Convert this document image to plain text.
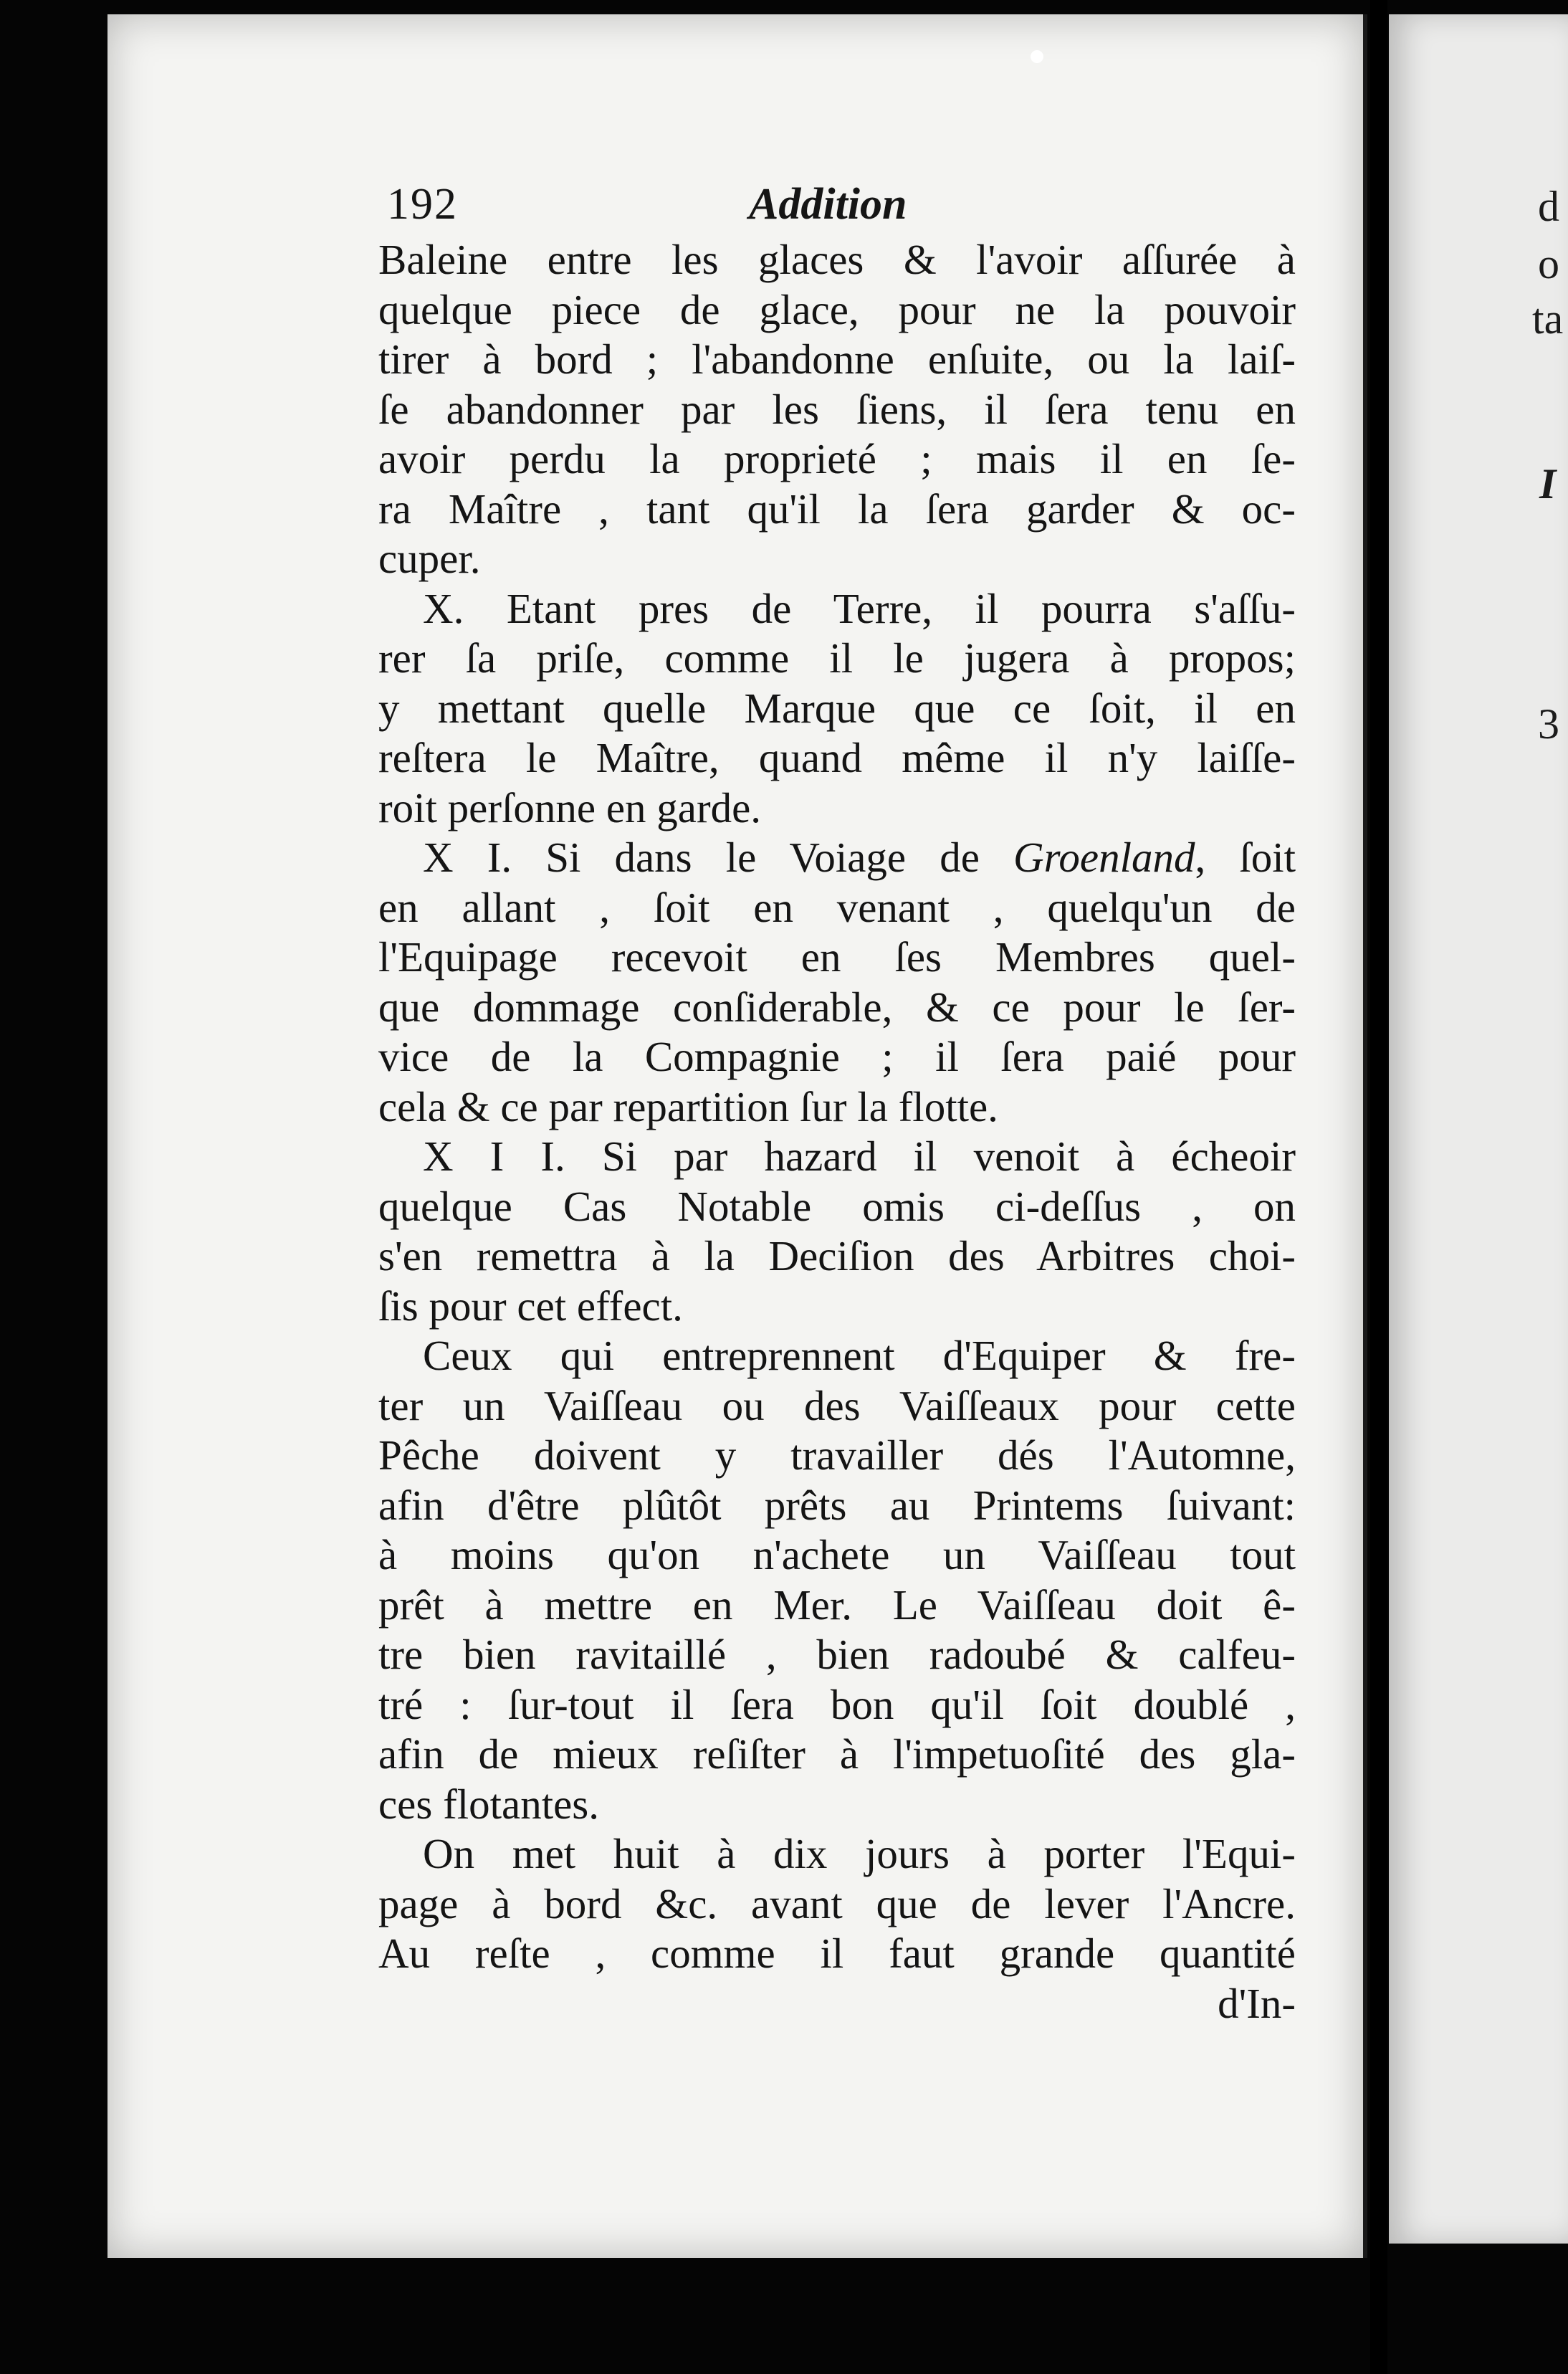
d
o
ta
I
3
192	Addition
Baleine entre les glaces & l'avoir aſſurée à
quelque piece de glace, pour ne la pouvoir
tirer à bord ; l'abandonne enſuite, ou la laiſ-
ſe abandonner par les ſiens, il ſera tenu en
avoir perdu la proprieté ; mais il en ſe-
ra Maître , tant qu'il la ſera garder & oc-
cuper.
X. Etant pres de Terre, il pourra s'aſſu-
rer ſa priſe, comme il le jugera à propos;
y mettant quelle Marque que ce ſoit, il en
reſtera le Maître, quand même il n'y laiſſe-
roit perſonne en garde.
X I. Si dans le Voiage de Groenland, ſoit
en allant , ſoit en venant , quelqu'un de
l'Equipage recevoit en ſes Membres quel-
que dommage conſiderable, & ce pour le ſer-
vice de la Compagnie ; il ſera paié pour
cela & ce par repartition ſur la flotte.
X I I. Si par hazard il venoit à écheoir
quelque Cas Notable omis ci-deſſus , on
s'en remettra à la Deciſion des Arbitres choi-
ſis pour cet effect.
Ceux qui entreprennent d'Equiper & fre-
ter un Vaiſſeau ou des Vaiſſeaux pour cette
Pêche doivent y travailler dés l'Automne,
afin d'être plûtôt prêts au Printems ſuivant:
à moins qu'on n'achete un Vaiſſeau tout
prêt à mettre en Mer. Le Vaiſſeau doit ê-
tre bien ravitaillé , bien radoubé & calfeu-
tré : ſur-tout il ſera bon qu'il ſoit doublé ,
afin de mieux reſiſter à l'impetuoſité des gla-
ces flotantes.
On met huit à dix jours à porter l'Equi-
page à bord &c. avant que de lever l'Ancre.
Au reſte , comme il faut grande quantité
d'In-
